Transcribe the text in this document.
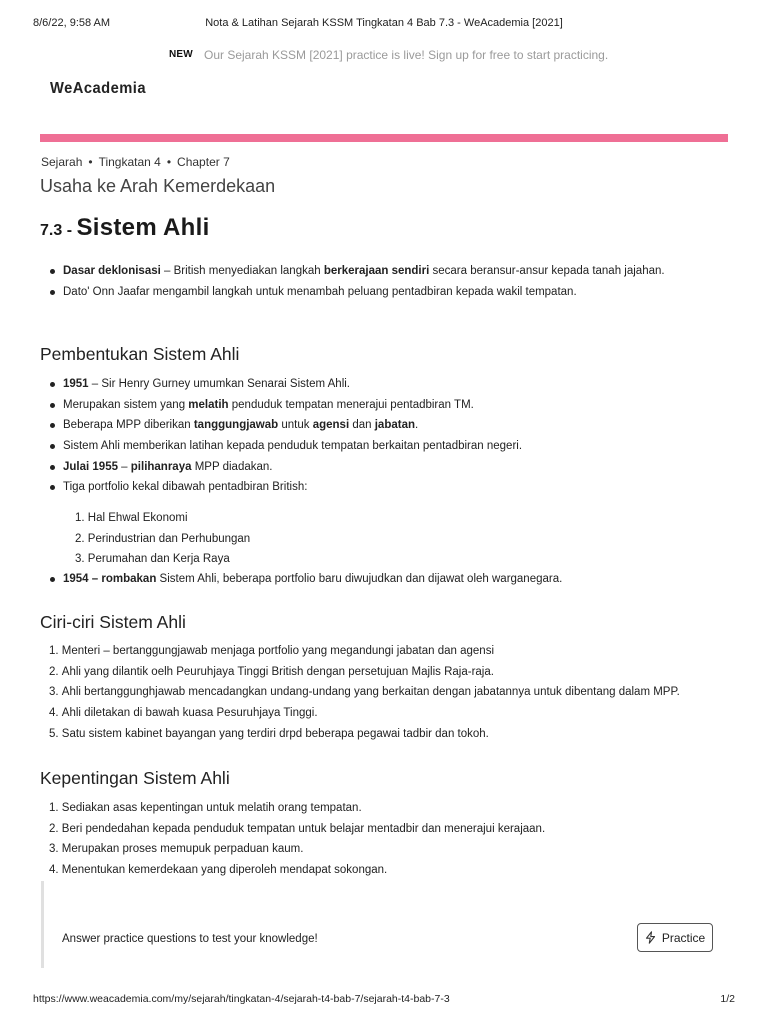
8/6/22, 9:58 AM	Nota & Latihan Sejarah KSSM Tingkatan 4 Bab 7.3 - WeAcademia [2021]
NEW Our Sejarah KSSM [2021] practice is live! Sign up for free to start practicing.
WeAcademia
Sejarah • Tingkatan 4 • Chapter 7
Usaha ke Arah Kemerdekaan
7.3 - Sistem Ahli
Dasar deklonisasi – British menyediakan langkah berkerajaan sendiri secara beransur-ansur kepada tanah jajahan.
Dato' Onn Jaafar mengambil langkah untuk menambah peluang pentadbiran kepada wakil tempatan.
Pembentukan Sistem Ahli
1951 – Sir Henry Gurney umumkan Senarai Sistem Ahli.
Merupakan sistem yang melatih penduduk tempatan menerajui pentadbiran TM.
Beberapa MPP diberikan tanggungjawab untuk agensi dan jabatan.
Sistem Ahli memberikan latihan kepada penduduk tempatan berkaitan pentadbiran negeri.
Julai 1955 – pilihanraya MPP diadakan.
Tiga portfolio kekal dibawah pentadbiran British:
1. Hal Ehwal Ekonomi
2. Perindustrian dan Perhubungan
3. Perumahan dan Kerja Raya
1954 – rombakan Sistem Ahli, beberapa portfolio baru diwujudkan dan dijawat oleh warganegara.
Ciri-ciri Sistem Ahli
1. Menteri – bertanggungjawab menjaga portfolio yang megandungi jabatan dan agensi
2. Ahli yang dilantik oelh Peuruhjaya Tinggi British dengan persetujuan Majlis Raja-raja.
3. Ahli bertanggunghjawab mencadangkan undang-undang yang berkaitan dengan jabatannya untuk dibentang dalam MPP.
4. Ahli diletakan di bawah kuasa Pesuruhjaya Tinggi.
5. Satu sistem kabinet bayangan yang terdiri drpd beberapa pegawai tadbir dan tokoh.
Kepentingan Sistem Ahli
1. Sediakan asas kepentingan untuk melatih orang tempatan.
2. Beri pendedahan kepada penduduk tempatan untuk belajar mentadbir dan menerajui kerajaan.
3. Merupakan proses memupuk perpaduan kaum.
4. Menentukan kemerdekaan yang diperoleh mendapat sokongan.
Answer practice questions to test your knowledge!	Practice
https://www.weacademia.com/my/sejarah/tingkatan-4/sejarah-t4-bab-7/sejarah-t4-bab-7-3	1/2
